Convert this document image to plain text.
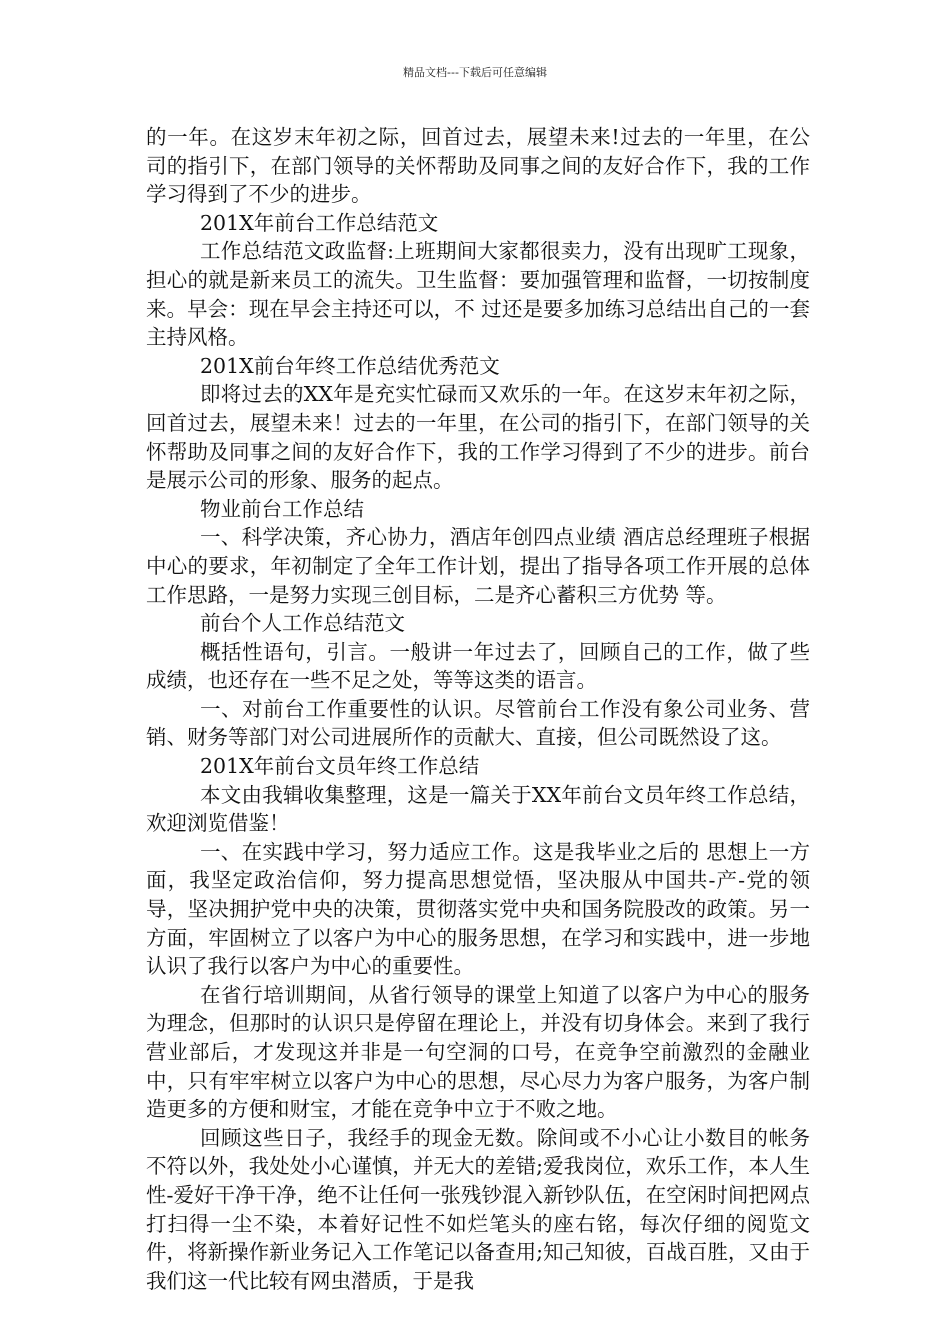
精品文档---下载后可任意编辑

的一年。在这岁末年初之际，回首过去，展望未来!过去的一年里，在公司的指引下，在部门领导的关怀帮助及同事之间的友好合作下，我的工作学习得到了不少的进步。

201X年前台工作总结范文

工作总结范文政监督:上班期间大家都很卖力，没有出现旷工现象，担心的就是新来员工的流失。卫生监督：要加强管理和监督，一切按制度来。早会：现在早会主持还可以，不 过还是要多加练习总结出自己的一套主持风格。

201X前台年终工作总结优秀范文

即将过去的XX年是充实忙碌而又欢乐的一年。在这岁末年初之际，回首过去，展望未来！过去的一年里，在公司的指引下，在部门领导的关怀帮助及同事之间的友好合作下，我的工作学习得到了不少的进步。前台是展示公司的形象、服务的起点。

物业前台工作总结

一、科学决策，齐心协力，酒店年创四点业绩 酒店总经理班子根据中心的要求，年初制定了全年工作计划，提出了指导各项工作开展的总体工作思路，一是努力实现三创目标，二是齐心蓄积三方优势 等。

前台个人工作总结范文

概括性语句，引言。一般讲一年过去了，回顾自己的工作，做了些成绩，也还存在一些不足之处，等等这类的语言。

一、对前台工作重要性的认识。尽管前台工作没有象公司业务、营销、财务等部门对公司进展所作的贡献大、直接，但公司既然设了这。

201X年前台文员年终工作总结

本文由我辑收集整理，这是一篇关于XX年前台文员年终工作总结，欢迎浏览借鉴！

一、在实践中学习，努力适应工作。这是我毕业之后的 思想上一方面，我坚定政治信仰，努力提高思想觉悟，坚决服从中国共-产-党的领导，坚决拥护党中央的决策，贯彻落实党中央和国务院股改的政策。另一方面，牢固树立了以客户为中心的服务思想，在学习和实践中，进一步地认识了我行以客户为中心的重要性。

在省行培训期间，从省行领导的课堂上知道了以客户为中心的服务为理念，但那时的认识只是停留在理论上，并没有切身体会。来到了我行营业部后，才发现这并非是一句空洞的口号，在竞争空前激烈的金融业中，只有牢牢树立以客户为中心的思想，尽心尽力为客户服务，为客户制造更多的方便和财宝，才能在竞争中立于不败之地。

回顾这些日子，我经手的现金无数。除间或不小心让小数目的帐务不符以外，我处处小心谨慎，并无大的差错;爱我岗位，欢乐工作，本人生性-爱好干净干净，绝不让任何一张残钞混入新钞队伍，在空闲时间把网点打扫得一尘不染，本着好记性不如烂笔头的座右铭，每次仔细的阅览文件，将新操作新业务记入工作笔记以备查用;知己知彼，百战百胜，又由于我们这一代比较有网虫潜质，于是我
